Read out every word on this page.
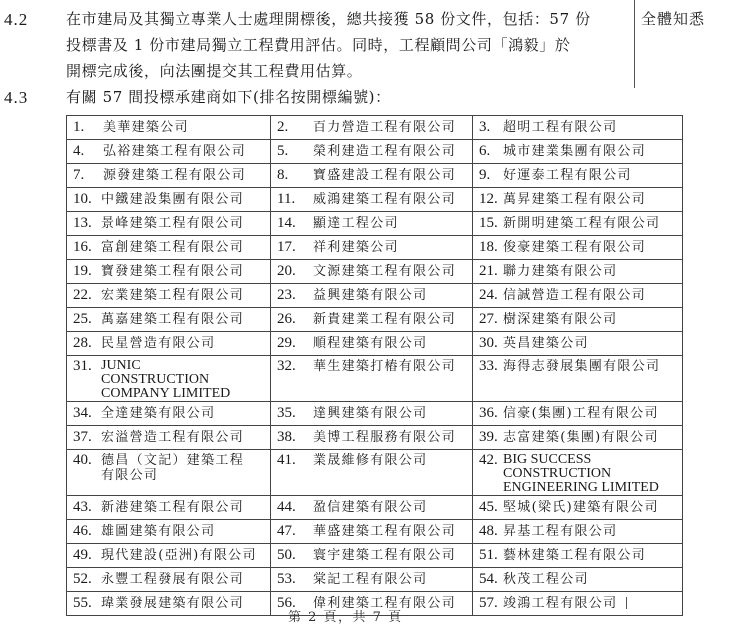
4.2	在市建局及其獨立專業人士處理開標後，總共接獲 58 份文件，包括：57 份

投標書及 1 份市建局獨立工程費用評估。同時，工程顧問公司「鴻毅」於

開標完成後，向法團提交其工程費用估算。

全體知悉
4.3	有關 57 間投標承建商如下(排名按開標編號)：

1. 美華建築公司	2. 百力營造工程有限公司	3. 超明工程有限公司
4. 弘裕建築工程有限公司	5. 榮利建造工程有限公司	6. 城市建業集團有限公司
7. 源發建築工程有限公司	8. 寶盛建設工程有限公司	9. 好運泰工程有限公司
10. 中鐵建設集團有限公司	11. 威鴻建築工程有限公司	12. 萬昇建築工程有限公司
13. 景峰建築工程有限公司	14. 顯達工程公司	15. 新開明建築工程有限公司
16. 富創建築工程有限公司	17. 祥利建築公司	18. 俊豪建築工程有限公司
19. 寶發建築工程有限公司	20. 文源建築工程有限公司	21. 聯力建築有限公司
22. 宏業建築工程有限公司	23. 益興建築有限公司	24. 信誠營造工程有限公司
25. 萬嘉建築工程有限公司	26. 新貴建業工程有限公司	27. 樹深建築有限公司
28. 民星營造有限公司	29. 順程建築有限公司	30. 英昌建築公司
31. JUNIC CONSTRUCTION COMPANY LIMITED	32. 華生建築打樁有限公司	33. 海得志發展集團有限公司
34. 全達建築有限公司	35. 達興建築有限公司	36. 信豪(集團)工程有限公司
37. 宏溢營造工程有限公司	38. 美博工程服務有限公司	39. 志富建築(集團)有限公司
40. 德昌（文記）建築工程有限公司	41. 業晟維修有限公司	42. BIG SUCCESS CONSTRUCTION ENGINEERING LIMITED
43. 新港建築工程有限公司	44. 盈信建築有限公司	45. 堅城(梁氏)建築有限公司
46. 雄圖建築有限公司	47. 華盛建築工程有限公司	48. 昇基工程有限公司
49. 現代建設(亞洲)有限公司	50. 寰宇建築工程有限公司	51. 藝林建築工程有限公司
52. 永豐工程發展有限公司	53. 棠記工程有限公司	54. 秋茂工程公司
55. 瑋業發展建築有限公司	56. 偉利建築工程有限公司	57. 竣鴻工程有限公司
第 2 頁，共 7 頁
